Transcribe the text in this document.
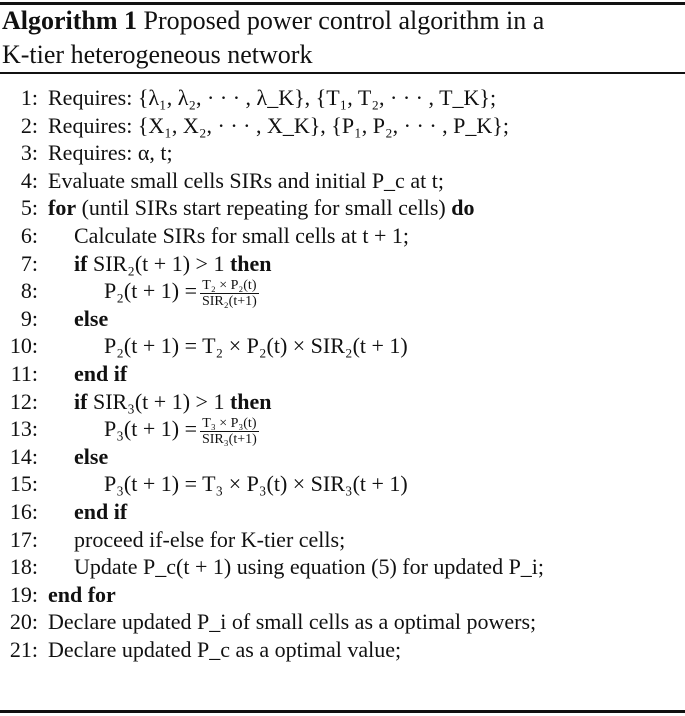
Algorithm 1 Proposed power control algorithm in a
K-tier heterogeneous network
1: Requires: {λ₁, λ₂, · · · , λ_K}, {T₁, T₂, · · · , T_K};
2: Requires: {X₁, X₂, · · · , X_K}, {P₁, P₂, · · · , P_K};
3: Requires: α, t;
4: Evaluate small cells SIRs and initial P_c at t;
5: for (until SIRs start repeating for small cells) do
6: Calculate SIRs for small cells at t + 1;
7: if SIR₂(t + 1) > 1 then
8:	$P_2(t + 1) = \frac{\text{T₂ × P₂(t)}}{\text{SIR₂(t+1)}}$
9: else
10:	P₂(t + 1) = T₂ × P₂(t) × SIR₂(t + 1)
11: end if
12: if SIR₃(t + 1) > 1 then
13:	$P_3(t + 1) = \frac{\text{T₃ × P₃(t)}}{\text{SIR₃(t+1)}}$
14: else
15:	P₃(t + 1) = T₃ × P₃(t) × SIR₃(t + 1)
16: end if
17: proceed if-else for K-tier cells;
18: Update P_c(t + 1) using equation (5) for updated P_i;
19: end for
20: Declare updated P_i of small cells as a optimal powers;
21: Declare updated P_c as a optimal value;
